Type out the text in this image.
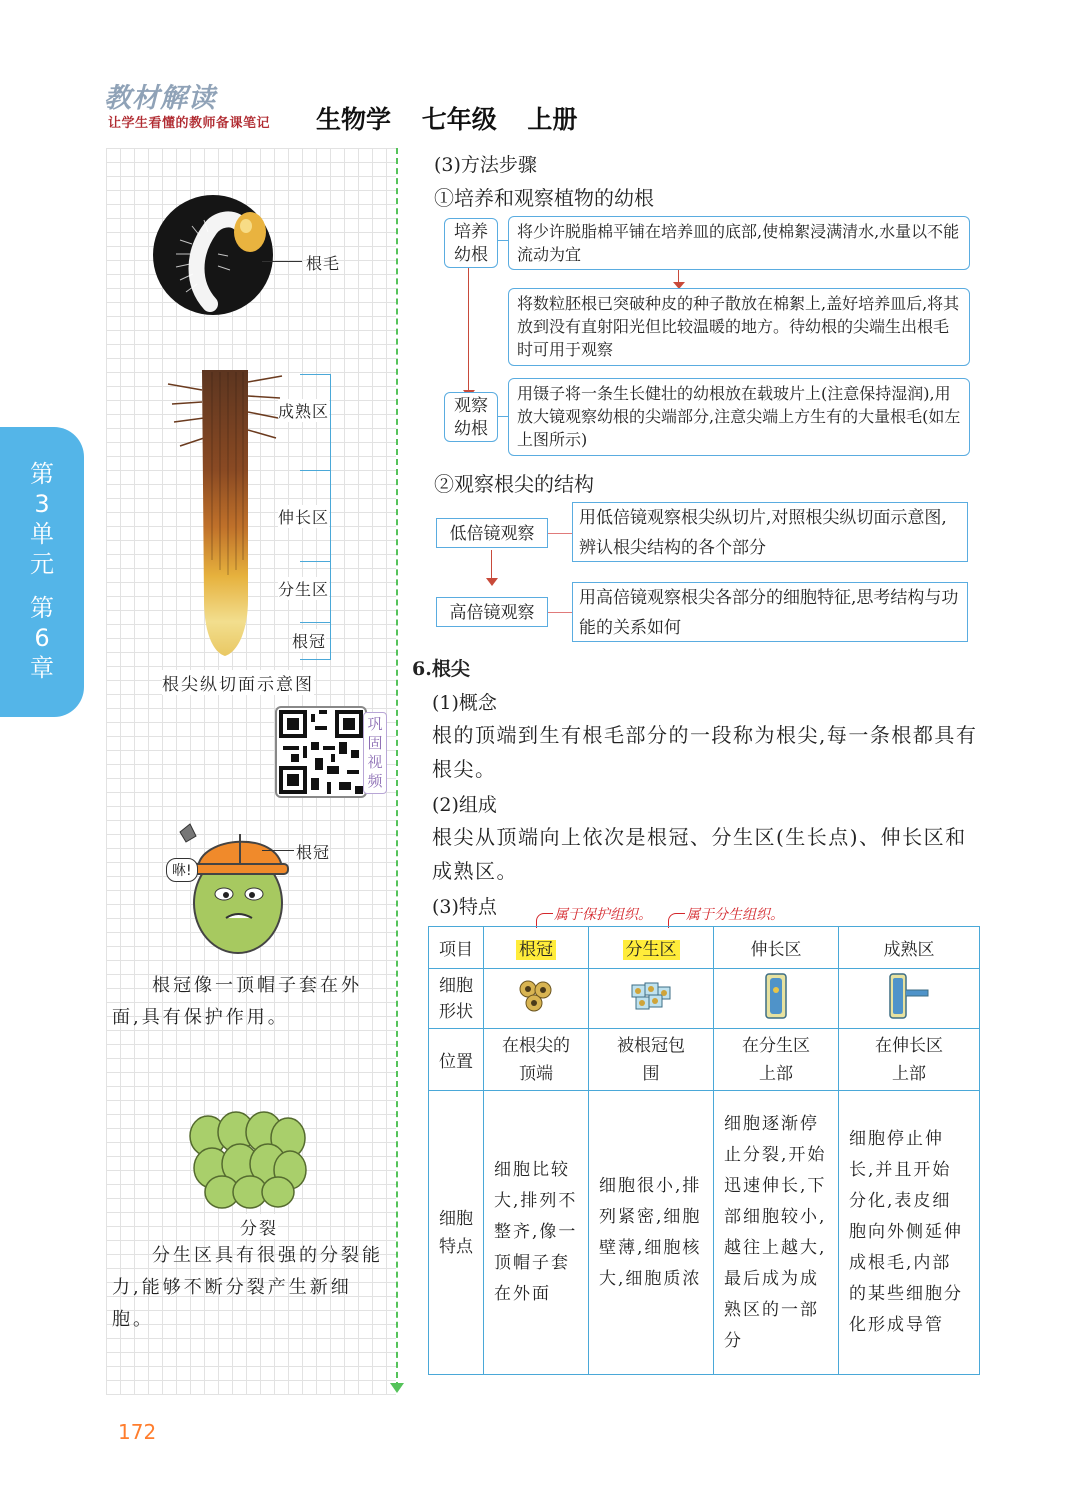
教材解读
让学生看懂的教师备课笔记 生物学 七年级 上册
第
3
单
元
第
6
章
根毛
成熟区
伸长区
分生区
根冠
根尖纵切面示意图
巩固视频
咻!
根冠
根冠像一顶帽子套在外面,具有保护作用。
分裂
分生区具有很强的分裂能力,能够不断分裂产生新细胞。
(3)方法步骤
①培养和观察植物的幼根
培养
幼根
将少许脱脂棉平铺在培养皿的底部,使棉絮浸满清水,水量以不能流动为宜
将数粒胚根已突破种皮的种子散放在棉絮上,盖好培养皿后,将其放到没有直射阳光但比较温暖的地方。待幼根的尖端生出根毛时可用于观察
观察
幼根
用镊子将一条生长健壮的幼根放在载玻片上(注意保持湿润),用放大镜观察幼根的尖端部分,注意尖端上方生有的大量根毛(如左上图所示)
②观察根尖的结构
低倍镜观察
用低倍镜观察根尖纵切片,对照根尖纵切面示意图,辨认根尖结构的各个部分
高倍镜观察
用高倍镜观察根尖各部分的细胞特征,思考结构与功能的关系如何
6.根尖
(1)概念
根的顶端到生有根毛部分的一段称为根尖,每一条根都具有根尖。
(2)组成
根尖从顶端向上依次是根冠、分生区(生长点)、伸长区和成熟区。
(3)特点	属于保护组织。 属于分生组织。
项目	根冠	分生区	伸长区	成熟区

细胞形状

位置	在根尖的顶端	被根冠包围	在分生区上部	在伸长区上部

细胞特点	细胞比较大,排列不整齐,像一顶帽子套在外面	细胞很小,排列紧密,细胞壁薄,细胞核大,细胞质浓	细胞逐渐停止分裂,开始迅速伸长,下部细胞较小,越往上越大,最后成为成熟区的一部分	细胞停止伸长,并且开始分化,表皮细胞向外侧延伸成根毛,内部的某些细胞分化形成导管
172
